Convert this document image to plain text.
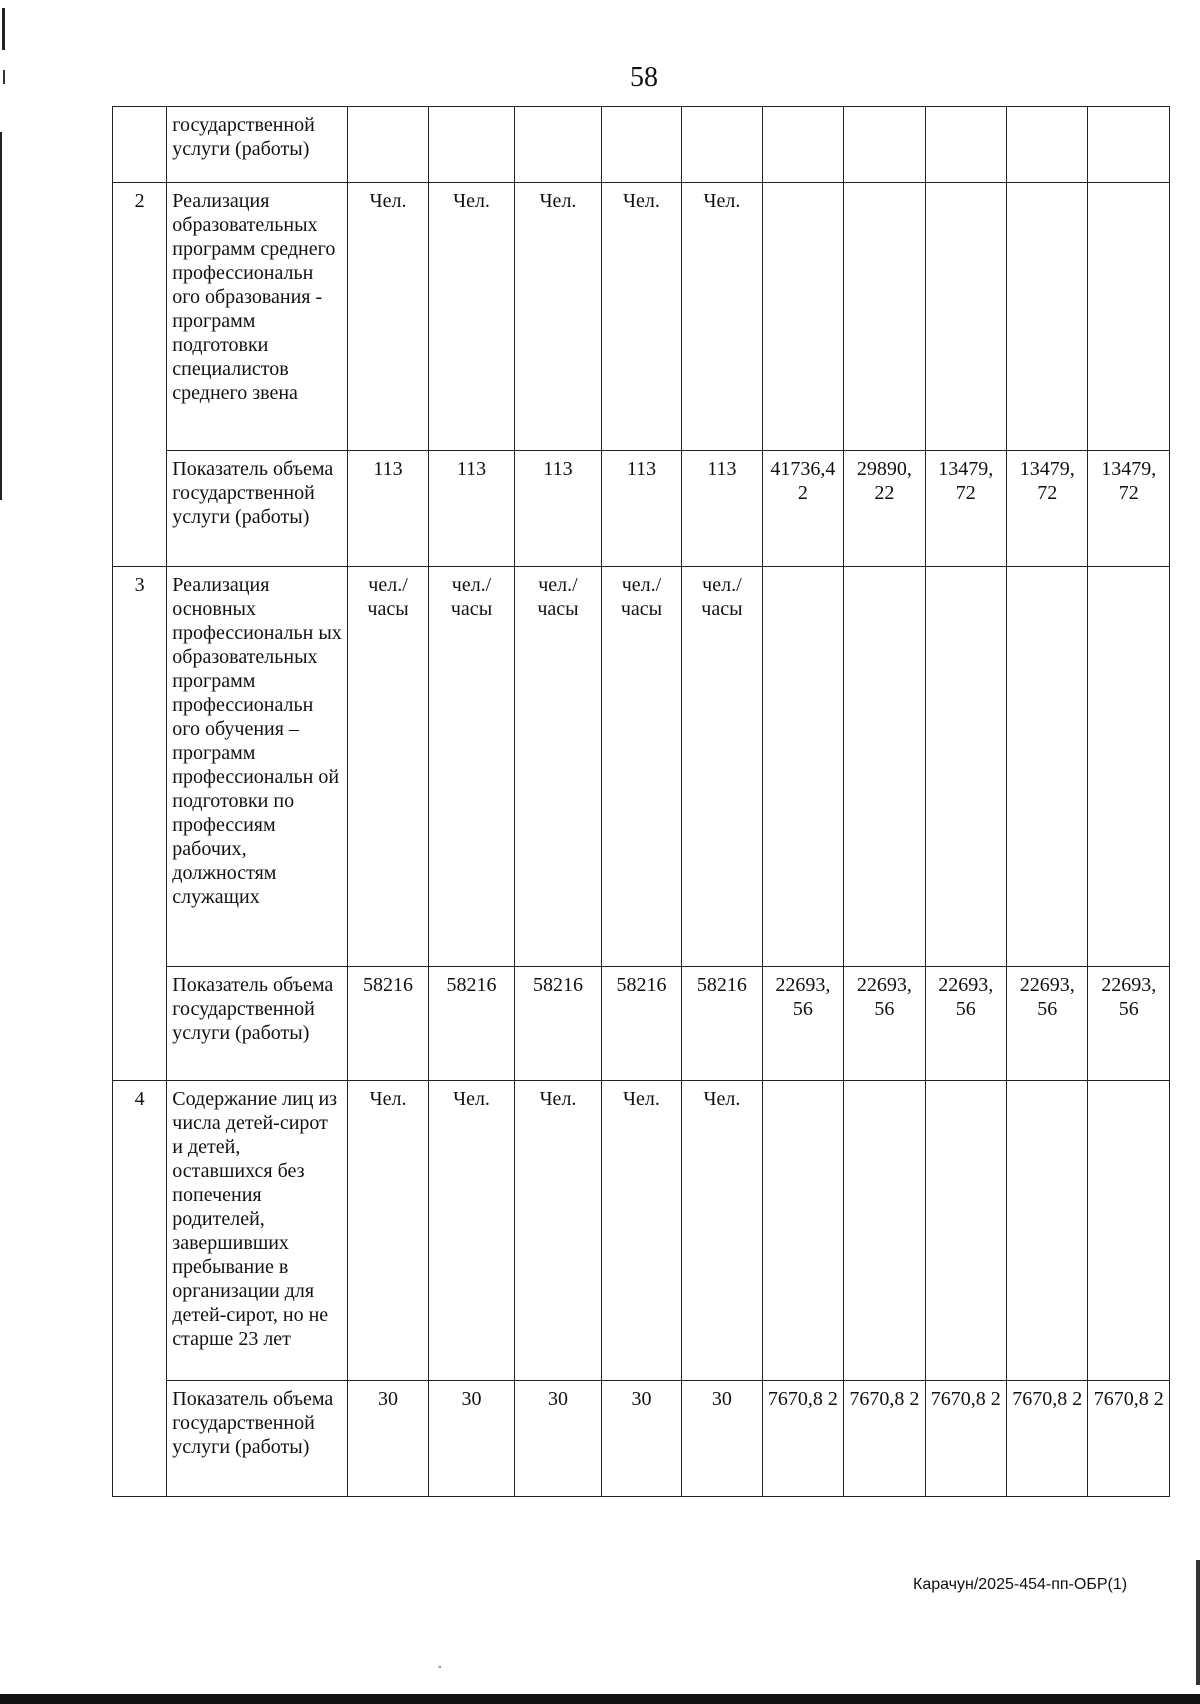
58
	государственной услуги (работы)										
2	Реализация образовательных программ среднего профессиональн ого образования - программ подготовки специалистов среднего звена	Чел.	Чел.	Чел.	Чел.	Чел.					
	Показатель объема государственной услуги (работы)	113	113	113	113	113	41736,4 2	29890, 22	13479, 72	13479, 72	13479, 72
3	Реализация основных профессиональн ых образовательных программ профессиональн ого обучения – программ профессиональн ой подготовки по профессиям рабочих, должностям служащих	чел./ часы	чел./ часы	чел./ часы	чел./ часы	чел./ часы					
	Показатель объема государственной услуги (работы)	58216	58216	58216	58216	58216	22693, 56	22693, 56	22693, 56	22693, 56	22693, 56
4	Содержание лиц из числа детей-сирот и детей, оставшихся без попечения родителей, завершивших пребывание в организации для детей-сирот, но не старше 23 лет	Чел.	Чел.	Чел.	Чел.	Чел.					
	Показатель объема государственной услуги (работы)	30	30	30	30	30	7670,8 2	7670,8 2	7670,8 2	7670,8 2	7670,8 2
Карачун/2025-454-пп-ОБР(1)
◦
